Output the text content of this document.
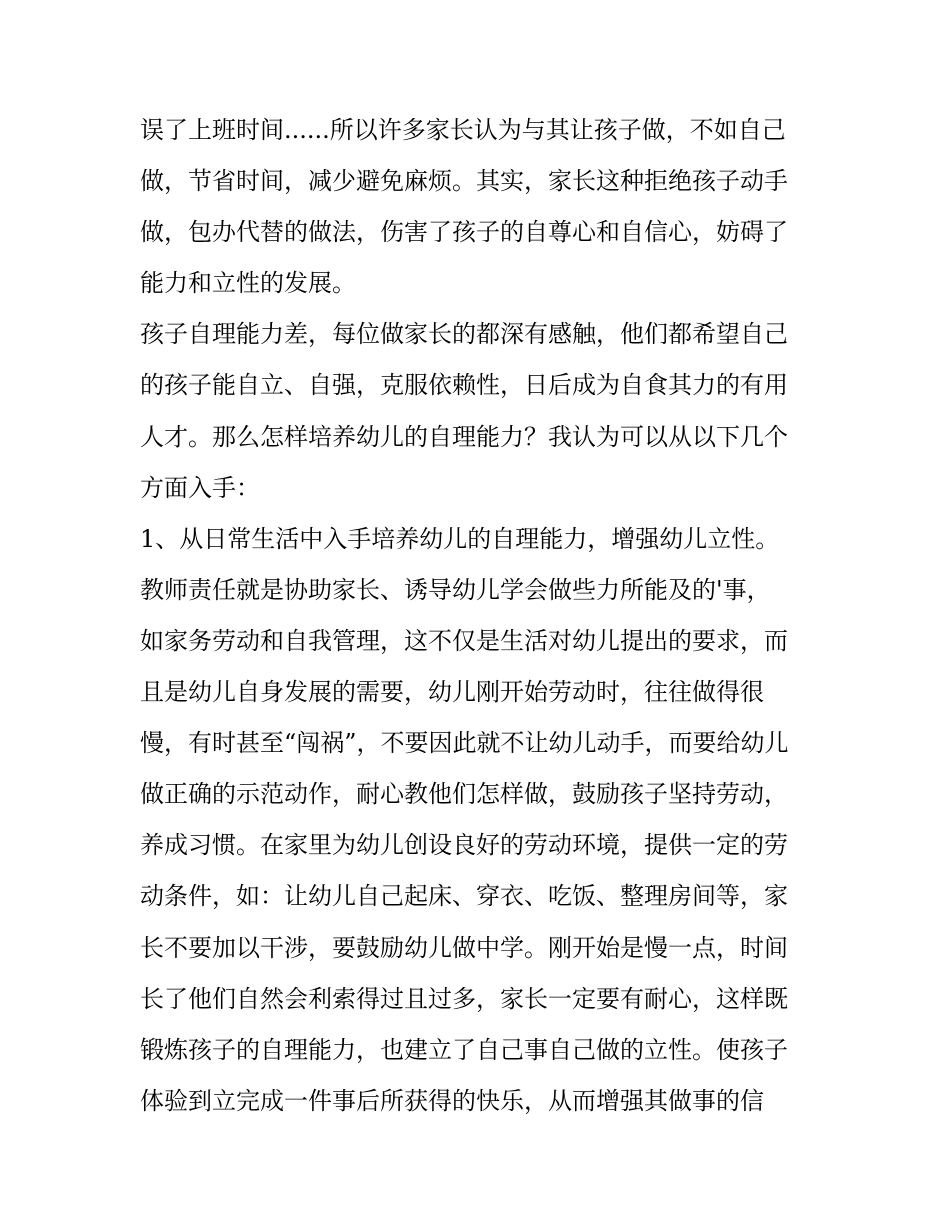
误了上班时间......所以许多家长认为与其让孩子做，不如自己
做，节省时间，减少避免麻烦。其实，家长这种拒绝孩子动手
做，包办代替的做法，伤害了孩子的自尊心和自信心，妨碍了
能力和立性的发展。
孩子自理能力差，每位做家长的都深有感触，他们都希望自己
的孩子能自立、自强，克服依赖性，日后成为自食其力的有用
人才。那么怎样培养幼儿的自理能力？我认为可以从以下几个
方面入手：
1、从日常生活中入手培养幼儿的自理能力，增强幼儿立性。
教师责任就是协助家长、诱导幼儿学会做些力所能及的'事，
如家务劳动和自我管理，这不仅是生活对幼儿提出的要求，而
且是幼儿自身发展的需要，幼儿刚开始劳动时，往往做得很
慢，有时甚至“闯祸”，不要因此就不让幼儿动手，而要给幼儿
做正确的示范动作，耐心教他们怎样做，鼓励孩子坚持劳动，
养成习惯。在家里为幼儿创设良好的劳动环境，提供一定的劳
动条件，如：让幼儿自己起床、穿衣、吃饭、整理房间等，家
长不要加以干涉，要鼓励幼儿做中学。刚开始是慢一点，时间
长了他们自然会利索得过且过多，家长一定要有耐心，这样既
锻炼孩子的自理能力，也建立了自己事自己做的立性。使孩子
体验到立完成一件事后所获得的快乐，从而增强其做事的信
